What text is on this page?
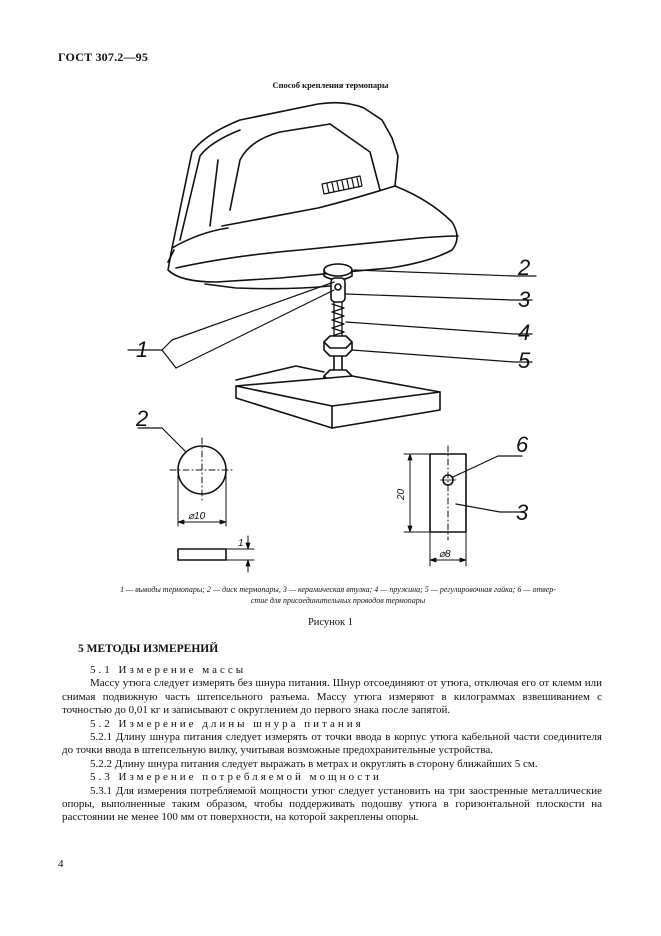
ГОСТ 307.2—95
Способ крепления термопары
2
3
4
5
1
2
⌀10
1
6
3
20
⌀8
1 — выводы термопары; 2 — диск термопары, 3 — керамическая втулка; 4 — пружина; 5 — регулировочная гайка; 6 — отвер-
стие для присоединительных проводов термопары
Рисунок 1
5 МЕТОДЫ ИЗМЕРЕНИЙ

5.1 Измерение массы

Массу утюга следует измерять без шнура питания. Шнур отсоединяют от утюга, отключая его от клемм или снимая подвижную часть штепсельного разъема. Массу утюга измеряют в килограммах взвешиванием с точностью до 0,01 кг и записывают с округлением до первого знака после запятой.

5.2 Измерение длины шнура питания

5.2.1 Длину шнура питания следует измерять от точки ввода в корпус утюга кабельной части соединителя до точки ввода в штепсельную вилку, учитывая возможные предохранительные устройства.

5.2.2 Длину шнура питания следует выражать в метрах и округлять в сторону ближайших 5 см.

5.3 Измерение потребляемой мощности

5.3.1 Для измерения потребляемой мощности утюг следует установить на три заостренные металлические опоры, выполненные таким образом, чтобы поддерживать подошву утюга в горизонтальной плоскости на расстоянии не менее 100 мм от поверхности, на которой закреплены опоры.

4
